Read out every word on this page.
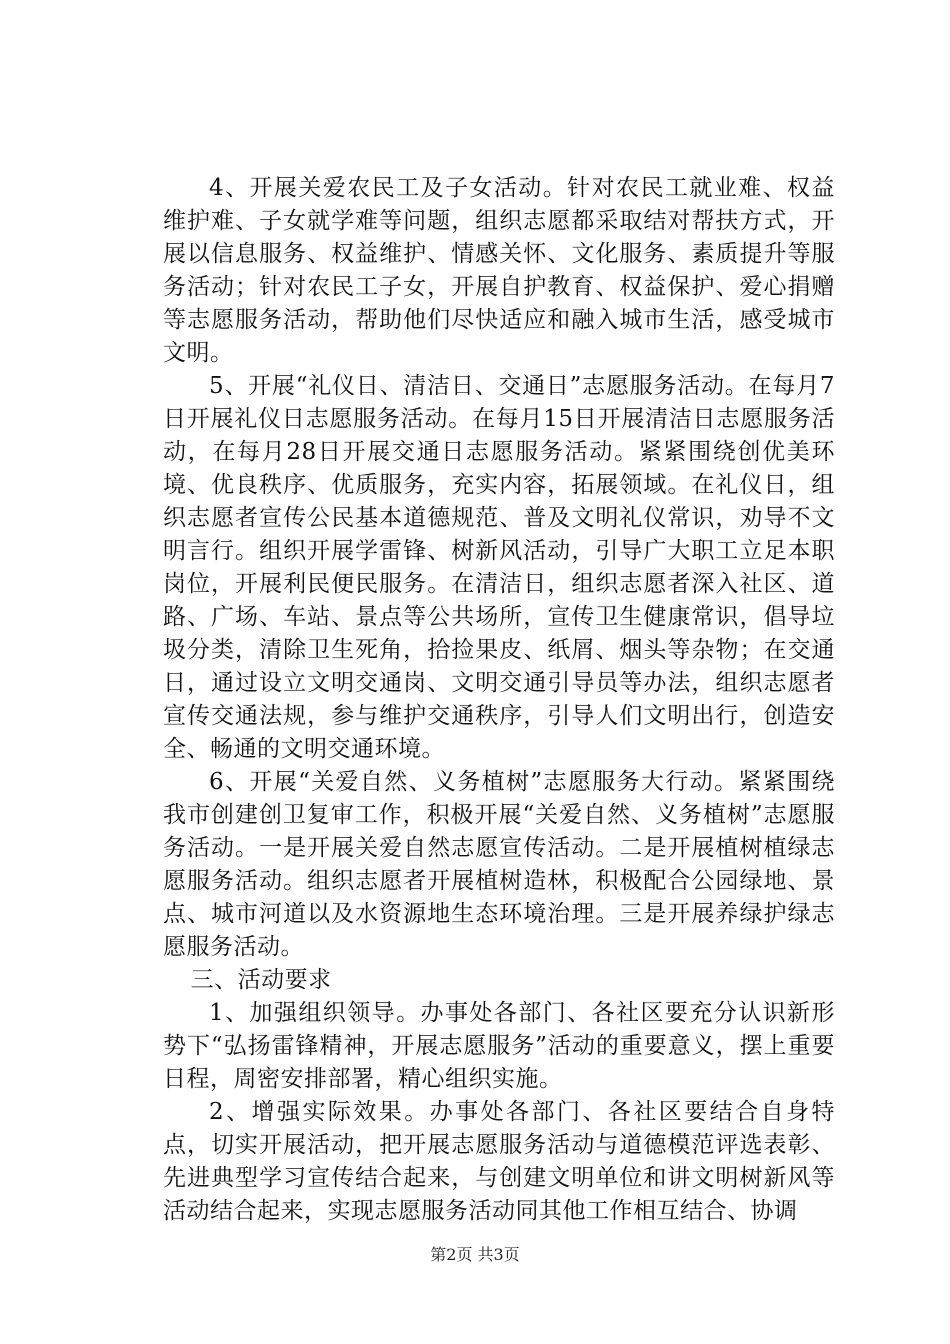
4、开展关爱农民工及子女活动。针对农民工就业难、权益维护难、子女就学难等问题，组织志愿都采取结对帮扶方式，开展以信息服务、权益维护、情感关怀、文化服务、素质提升等服务活动；针对农民工子女，开展自护教育、权益保护、爱心捐赠等志愿服务活动，帮助他们尽快适应和融入城市生活，感受城市文明。

5、开展“礼仪日、清洁日、交通日”志愿服务活动。在每月7日开展礼仪日志愿服务活动。在每月15日开展清洁日志愿服务活动，在每月28日开展交通日志愿服务活动。紧紧围绕创优美环境、优良秩序、优质服务，充实内容，拓展领域。在礼仪日，组织志愿者宣传公民基本道德规范、普及文明礼仪常识，劝导不文明言行。组织开展学雷锋、树新风活动，引导广大职工立足本职岗位，开展利民便民服务。在清洁日，组织志愿者深入社区、道路、广场、车站、景点等公共场所，宣传卫生健康常识，倡导垃圾分类，清除卫生死角，拾捡果皮、纸屑、烟头等杂物；在交通日，通过设立文明交通岗、文明交通引导员等办法，组织志愿者宣传交通法规，参与维护交通秩序，引导人们文明出行，创造安全、畅通的文明交通环境。

6、开展“关爱自然、义务植树”志愿服务大行动。紧紧围绕我市创建创卫复审工作，积极开展“关爱自然、义务植树”志愿服务活动。一是开展关爱自然志愿宣传活动。二是开展植树植绿志愿服务活动。组织志愿者开展植树造林，积极配合公园绿地、景点、城市河道以及水资源地生态环境治理。三是开展养绿护绿志愿服务活动。

三、活动要求

1、加强组织领导。办事处各部门、各社区要充分认识新形势下“弘扬雷锋精神，开展志愿服务”活动的重要意义，摆上重要日程，周密安排部署，精心组织实施。

2、增强实际效果。办事处各部门、各社区要结合自身特点，切实开展活动，把开展志愿服务活动与道德模范评选表彰、先进典型学习宣传结合起来，与创建文明单位和讲文明树新风等活动结合起来，实现志愿服务活动同其他工作相互结合、协调

第2页 共3页
